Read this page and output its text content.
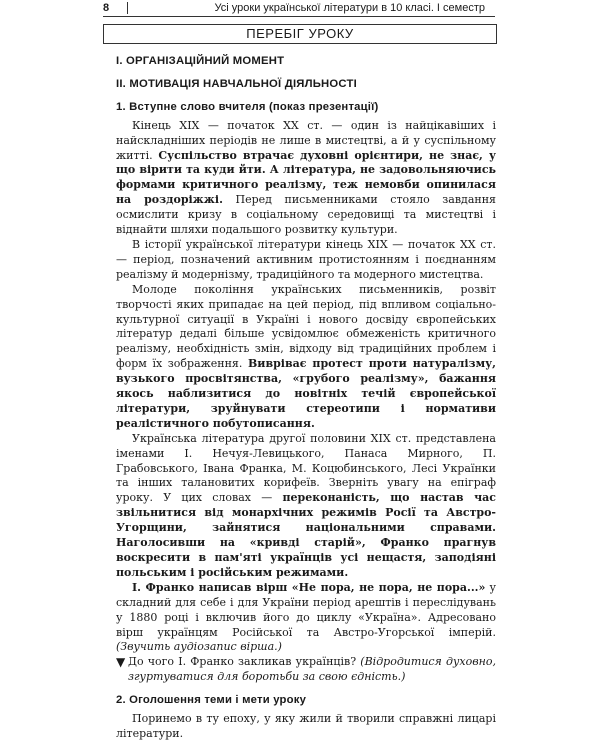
8	Усі уроки української літератури в 10 класі. I семестр
ПЕРЕБІГ УРОКУ
I. ОРГАНІЗАЦІЙНИЙ МОМЕНТ
II. МОТИВАЦІЯ НАВЧАЛЬНОЇ ДІЯЛЬНОСТІ
1. Вступне слово вчителя (показ презентації)

Кінець XIX — початок XX ст. — один із найцікавіших і найскладніших періодів не лише в мистецтві, а й у суспільному житті. Суспільство втрачає духовні орієнтири, не знає, у що вірити та куди йти. А література, не задовольняючись формами критичного реалізму, теж немовби опинилася на роздоріжжі. Перед письменниками стояло завдання осмислити кризу в соціальному середовищі та мистецтві і віднайти шляхи подальшого розвитку культури.

В історії української літератури кінець XIX — початок XX ст. — період, позначений активним протистоянням і поєднанням реалізму й модернізму, традиційного та модерного мистецтва.

Молоде покоління українських письменників, розвіт творчості яких припадає на цей період, під впливом соціально-культурної ситуації в Україні і нового досвіду європейських літератур дедалі більше усвідомлює обмеженість критичного реалізму, необхідність змін, відходу від традиційних проблем і форм їх зображення. Вивріває протест проти натуралізму, вузького просвітянства, «грубого реалізму», бажання якось наблизитися до новітніх течій європейської літератури, зруйнувати стереотипи і нормативи реалістичного побутописання.

Українська література другої половини XIX ст. представлена іменами I. Нечуя-Левицького, Панаса Мирного, П. Грабовського, Івана Франка, М. Коцюбинського, Лесі Українки та інших талановитих корифеїв. Зверніть увагу на епіграф уроку. У цих словах — переконаність, що настав час звільнитися від монархічних режимів Росії та Австро-Угорщини, зайнятися національними справами. Наголосивши на «кривді старій», Франко прагнув воскресити в пам'яті українців усі нещастя, заподіяні польським і російським режимами.

I. Франко написав вірш «Не пора, не пора, не пора...» у складний для себе і для України період арештів і переслідувань у 1880 році і включив його до циклу «Україна». Адресовано вірш українцям Російської та Австро-Угорської імперій. (Звучить аудіозапис вірша.)

▼ До чого I. Франко закликав українців? (Відродитися духовно, згуртуватися для боротьби за свою єдність.)
2. Оголошення теми і мети уроку

Поринемо в ту епоху, у яку жили й творили справжні лицарі літератури.
